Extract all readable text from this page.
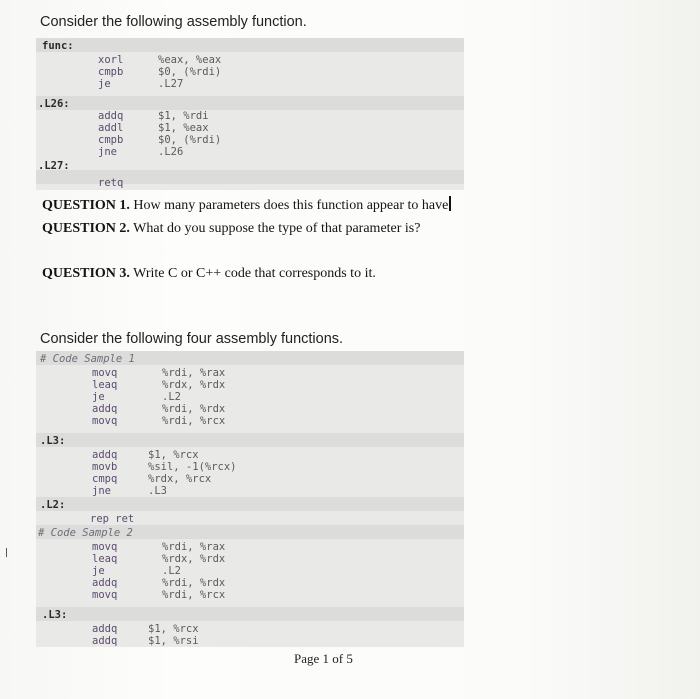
Consider the following assembly function.
func:
xorl	%eax, %eax
cmpb	$0, (%rdi)
je	.L27
.L26:
addq	$1, %rdi
addl	$1, %eax
cmpb	$0, (%rdi)
jne	.L26
.L27:
retq
QUESTION 1. How many parameters does this function appear to have
QUESTION 2. What do you suppose the type of that parameter is?
QUESTION 3. Write C or C++ code that corresponds to it.
Consider the following four assembly functions.
# Code Sample 1
movq	%rdi, %rax
leaq	%rdx, %rdx
je	.L2
addq	%rdi, %rdx
movq	%rdi, %rcx
.L3:
addq	$1, %rcx
movb	%sil, -1(%rcx)
cmpq	%rdx, %rcx
jne	.L3
.L2:
rep ret
# Code Sample 2
movq	%rdi, %rax
leaq	%rdx, %rdx
je	.L2
addq	%rdi, %rdx
movq	%rdi, %rcx
.L3:
addq	$1, %rcx
addq	$1, %rsi
Page 1 of 5
